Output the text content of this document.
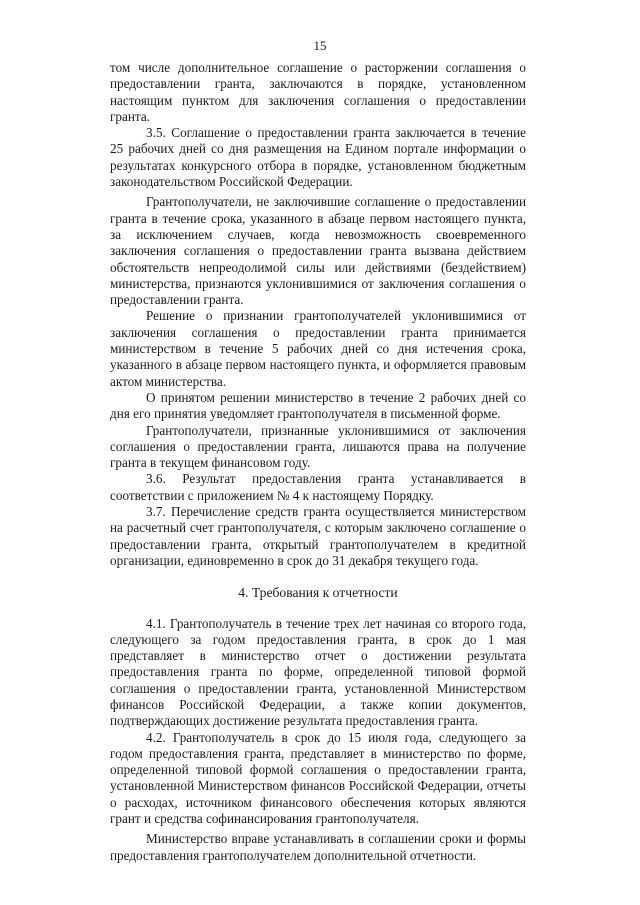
15

том числе дополнительное соглашение о расторжении соглашения о предоставлении гранта, заключаются в порядке, установленном настоящим пунктом для заключения соглашения о предоставлении гранта.

3.5. Соглашение о предоставлении гранта заключается в течение 25 рабочих дней со дня размещения на Едином портале информации о результатах конкурсного отбора в порядке, установленном бюджетным законодательством Российской Федерации.

Грантополучатели, не заключившие соглашение о предоставлении гранта в течение срока, указанного в абзаце первом настоящего пункта, за исключением случаев, когда невозможность своевременного заключения соглашения о предоставлении гранта вызвана действием обстоятельств непреодолимой силы или действиями (бездействием) министерства, признаются уклонившимися от заключения соглашения о предоставлении гранта.

Решение о признании грантополучателей уклонившимися от заключения соглашения о предоставлении гранта принимается министерством в течение 5 рабочих дней со дня истечения срока, указанного в абзаце первом настоящего пункта, и оформляется правовым актом министерства.

О принятом решении министерство в течение 2 рабочих дней со дня его принятия уведомляет грантополучателя в письменной форме.

Грантополучатели, признанные уклонившимися от заключения соглашения о предоставлении гранта, лишаются права на получение гранта в текущем финансовом году.

3.6. Результат предоставления гранта устанавливается в соответствии с приложением № 4 к настоящему Порядку.

3.7. Перечисление средств гранта осуществляется министерством на расчетный счет грантополучателя, с которым заключено соглашение о предоставлении гранта, открытый грантополучателем в кредитной организации, единовременно в срок до 31 декабря текущего года.

4. Требования к отчетности

4.1. Грантополучатель в течение трех лет начиная со второго года, следующего за годом предоставления гранта, в срок до 1 мая представляет в министерство отчет о достижении результата предоставления гранта по форме, определенной типовой формой соглашения о предоставлении гранта, установленной Министерством финансов Российской Федерации, а также копии документов, подтверждающих достижение результата предоставления гранта.

4.2. Грантополучатель в срок до 15 июля года, следующего за годом предоставления гранта, представляет в министерство по форме, определенной типовой формой соглашения о предоставлении гранта, установленной Министерством финансов Российской Федерации, отчеты о расходах, источником финансового обеспечения которых являются грант и средства софинансирования грантополучателя.

Министерство вправе устанавливать в соглашении сроки и формы предоставления грантополучателем дополнительной отчетности.
